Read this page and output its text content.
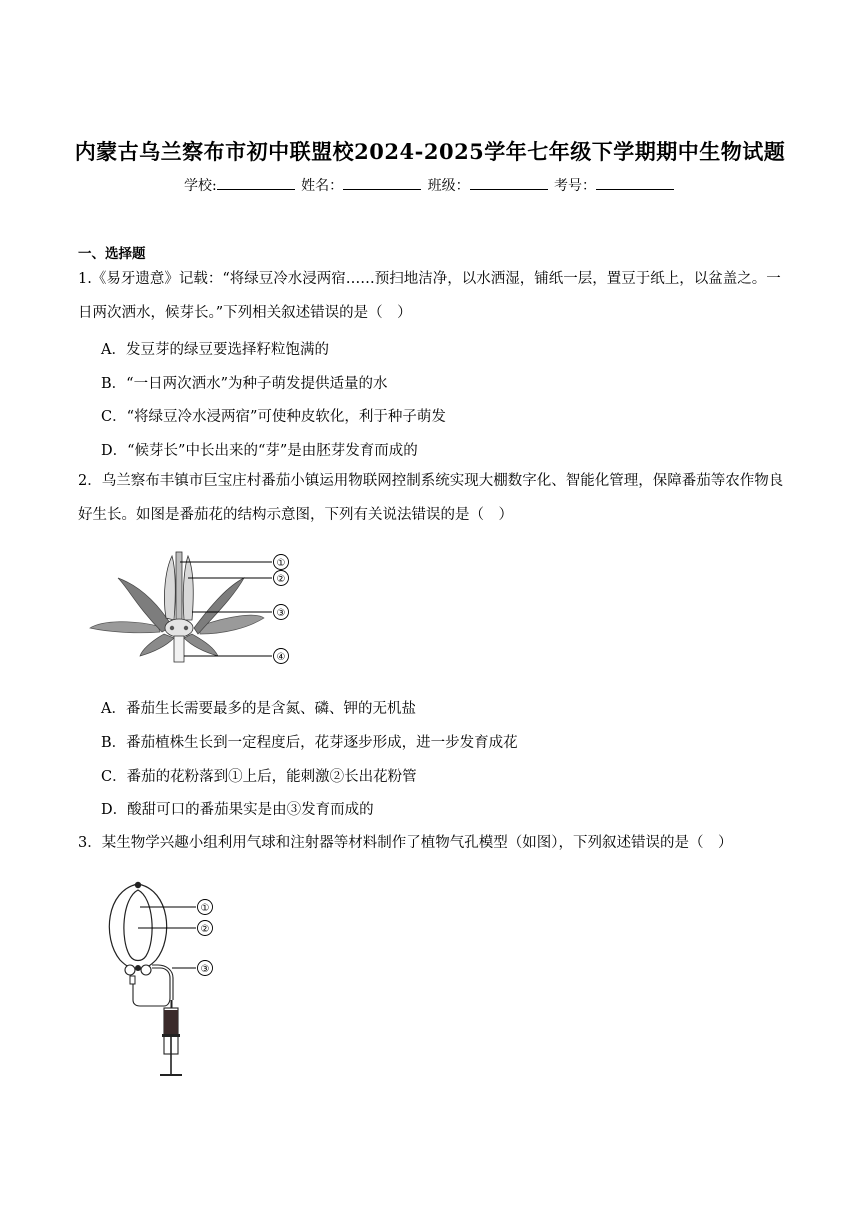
内蒙古乌兰察布市初中联盟校2024-2025学年七年级下学期期中生物试题
学校:	姓名：	班级：	考号：
一、选择题
1.《易牙遗意》记载：“将绿豆冷水浸两宿……预扫地洁净，以水洒湿，铺纸一层，置豆于纸上，以盆盖之。一日两次洒水，候芽长。”下列相关叙述错误的是（　）
A．发豆芽的绿豆要选择籽粒饱满的
B．“一日两次洒水”为种子萌发提供适量的水
C．“将绿豆冷水浸两宿”可使种皮软化，利于种子萌发
D．“候芽长”中长出来的“芽”是由胚芽发育而成的
2．乌兰察布丰镇市巨宝庄村番茄小镇运用物联网控制系统实现大棚数字化、智能化管理，保障番茄等农作物良好生长。如图是番茄花的结构示意图，下列有关说法错误的是（　）
①
②
③
④
A．番茄生长需要最多的是含氮、磷、钾的无机盐
B．番茄植株生长到一定程度后，花芽逐步形成，进一步发育成花
C．番茄的花粉落到①上后，能刺激②长出花粉管
D．酸甜可口的番茄果实是由③发育而成的
3．某生物学兴趣小组利用气球和注射器等材料制作了植物气孔模型（如图），下列叙述错误的是（　）
①
②
③
